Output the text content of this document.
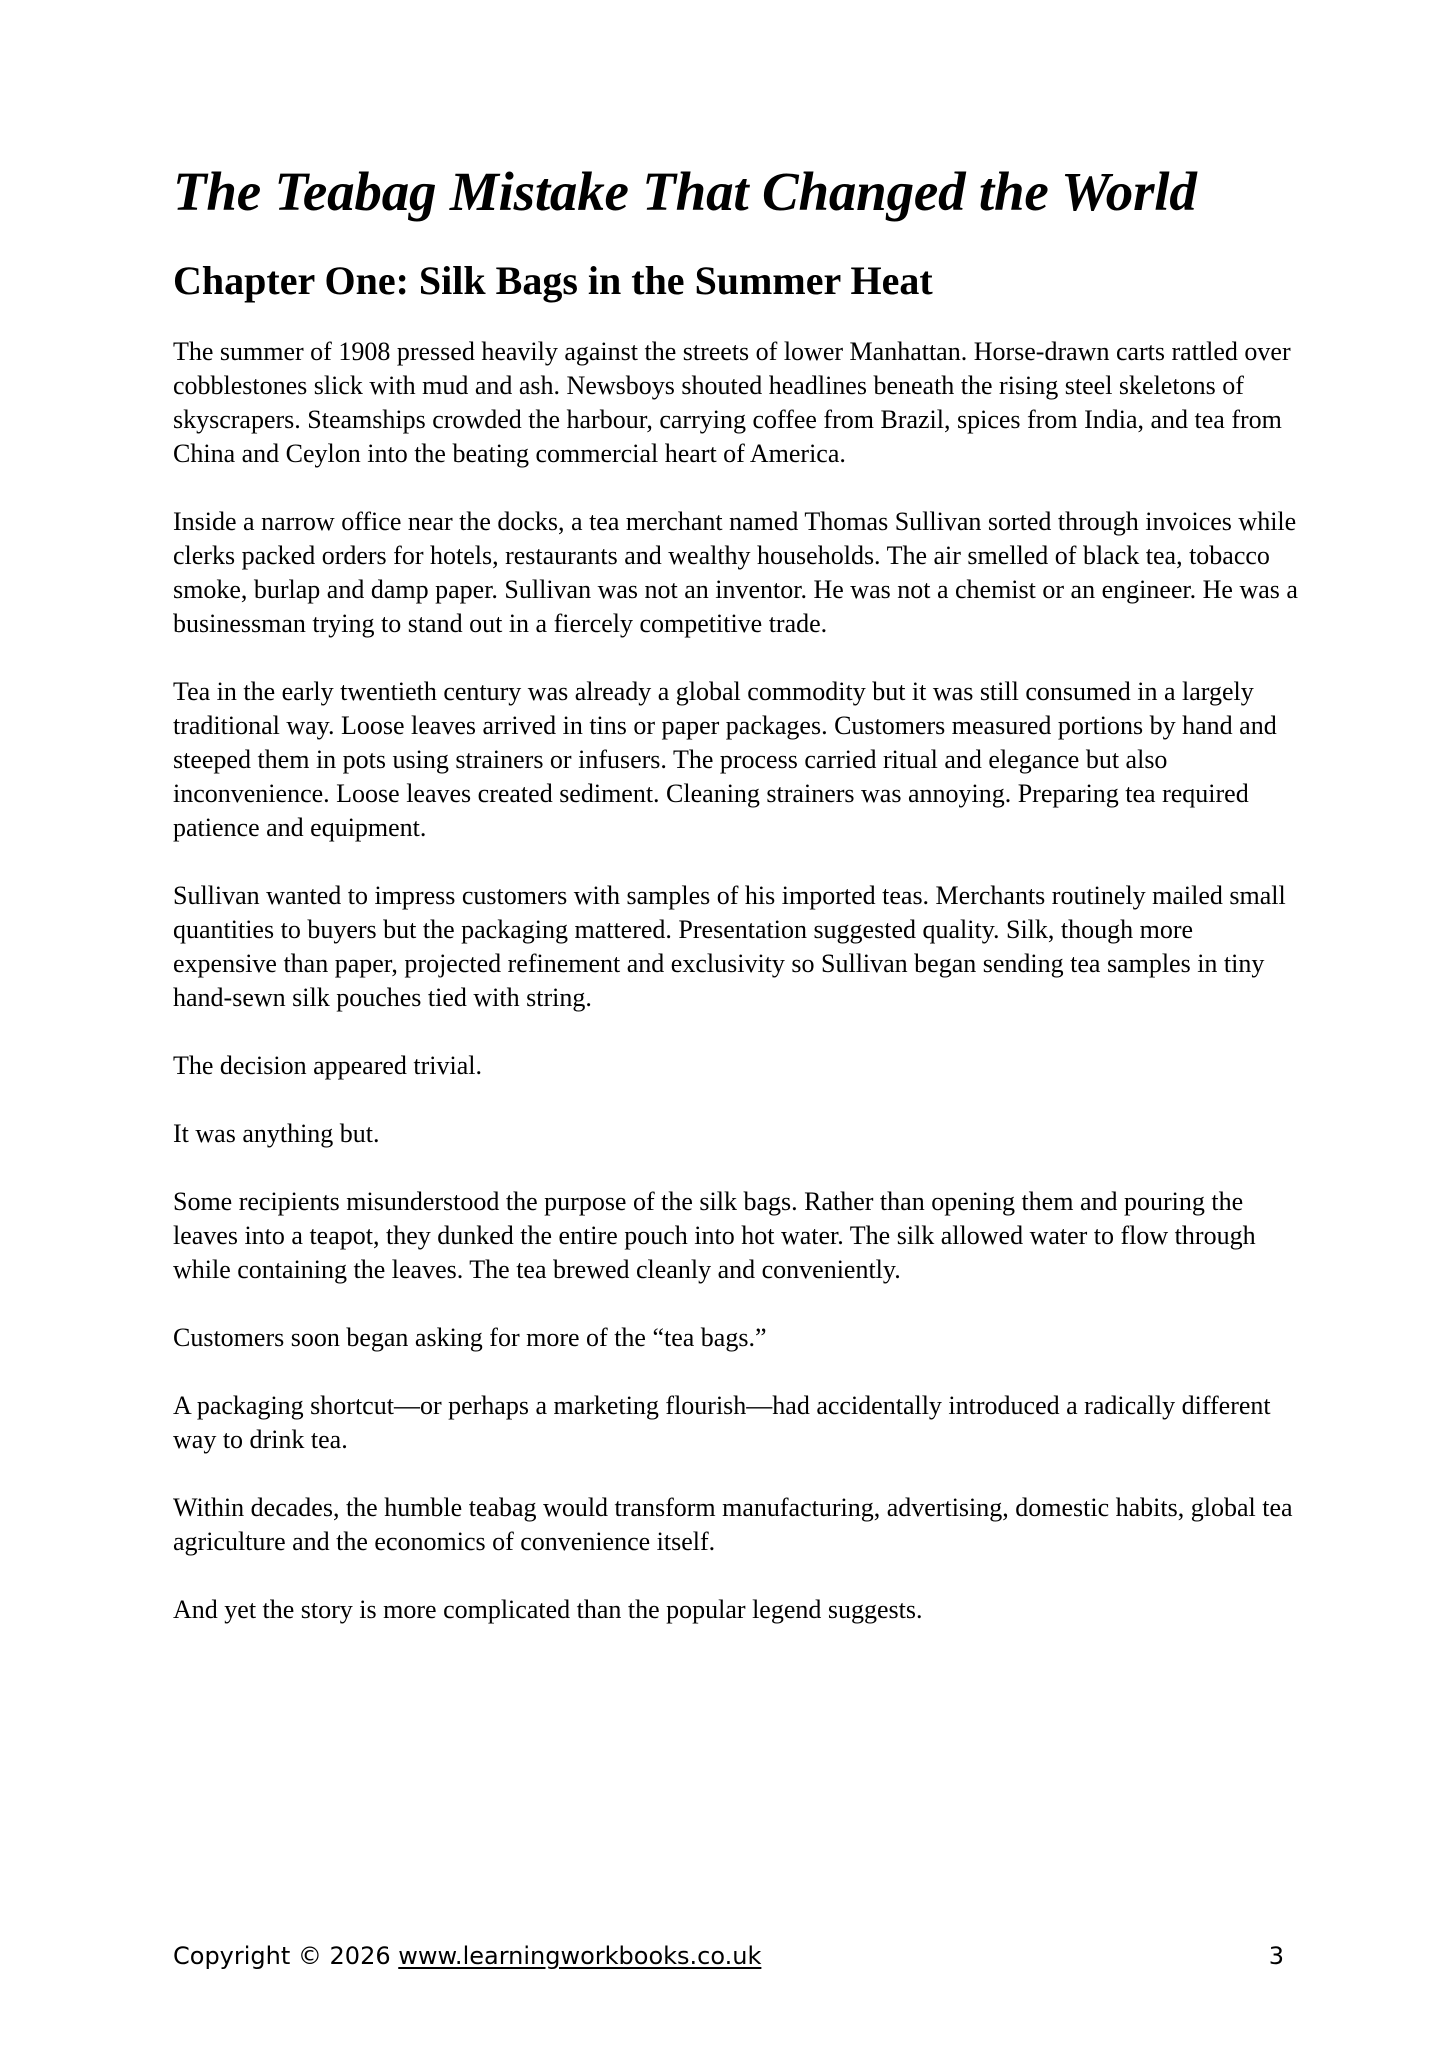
The Teabag Mistake That Changed the World
Chapter One: Silk Bags in the Summer Heat

The summer of 1908 pressed heavily against the streets of lower Manhattan. Horse-drawn carts rattled over cobblestones slick with mud and ash. Newsboys shouted headlines beneath the rising steel skeletons of skyscrapers. Steamships crowded the harbour, carrying coffee from Brazil, spices from India, and tea from China and Ceylon into the beating commercial heart of America.

Inside a narrow office near the docks, a tea merchant named Thomas Sullivan sorted through invoices while clerks packed orders for hotels, restaurants and wealthy households. The air smelled of black tea, tobacco smoke, burlap and damp paper. Sullivan was not an inventor. He was not a chemist or an engineer. He was a businessman trying to stand out in a fiercely competitive trade.

Tea in the early twentieth century was already a global commodity but it was still consumed in a largely traditional way. Loose leaves arrived in tins or paper packages. Customers measured portions by hand and steeped them in pots using strainers or infusers. The process carried ritual and elegance but also inconvenience. Loose leaves created sediment. Cleaning strainers was annoying. Preparing tea required patience and equipment.

Sullivan wanted to impress customers with samples of his imported teas. Merchants routinely mailed small quantities to buyers but the packaging mattered. Presentation suggested quality. Silk, though more expensive than paper, projected refinement and exclusivity so Sullivan began sending tea samples in tiny hand-sewn silk pouches tied with string.

The decision appeared trivial.

It was anything but.

Some recipients misunderstood the purpose of the silk bags. Rather than opening them and pouring the leaves into a teapot, they dunked the entire pouch into hot water. The silk allowed water to flow through while containing the leaves. The tea brewed cleanly and conveniently.

Customers soon began asking for more of the “tea bags.”

A packaging shortcut—or perhaps a marketing flourish—had accidentally introduced a radically different way to drink tea.

Within decades, the humble teabag would transform manufacturing, advertising, domestic habits, global tea agriculture and the economics of convenience itself.

And yet the story is more complicated than the popular legend suggests.

Copyright © 2026 www.learningworkbooks.co.uk	3
